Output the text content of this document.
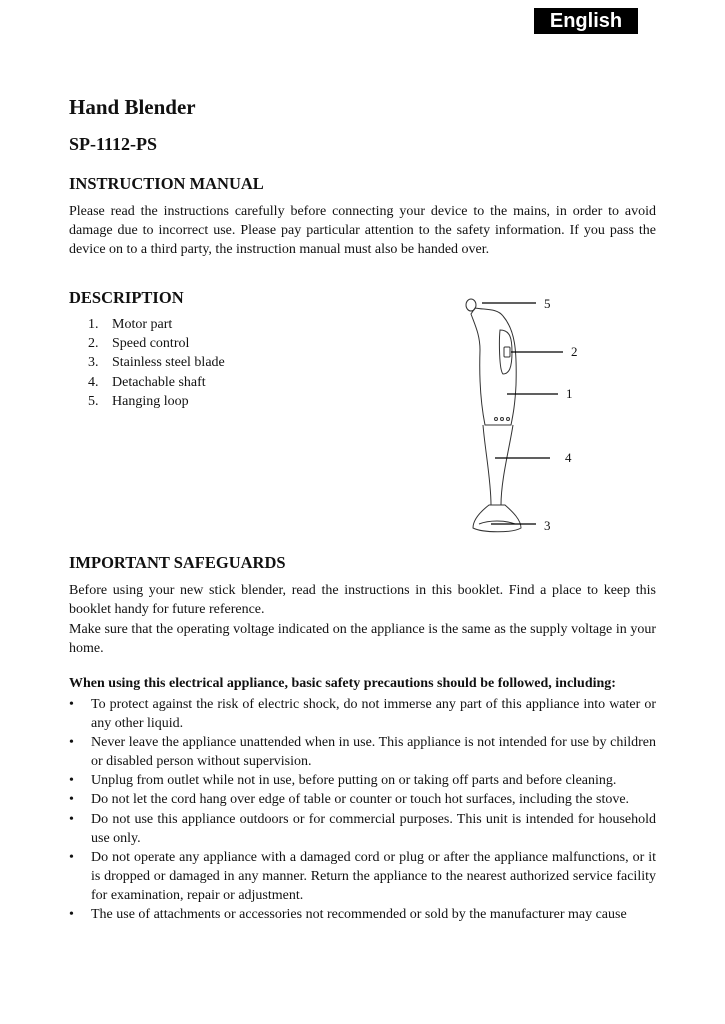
English
Hand Blender
SP-1112-PS
INSTRUCTION MANUAL

Please read the instructions carefully before connecting your device to the mains, in order to avoid damage due to incorrect use. Please pay particular attention to the safety information. If you pass the device on to a third party, the instruction manual must also be handed over.

DESCRIPTION
1. Motor part
2. Speed control
3. Stainless steel blade
4. Detachable shaft
5. Hanging loop
5
2
1
4
3
IMPORTANT SAFEGUARDS

Before using your new stick blender, read the instructions in this booklet. Find a place to keep this booklet handy for future reference.

Make sure that the operating voltage indicated on the appliance is the same as the supply voltage in your home.

When using this electrical appliance, basic safety precautions should be followed, including:

• To protect against the risk of electric shock, do not immerse any part of this appliance into water or any other liquid.
• Never leave the appliance unattended when in use. This appliance is not intended for use by children or disabled person without supervision.
• Unplug from outlet while not in use, before putting on or taking off parts and before cleaning.
• Do not let the cord hang over edge of table or counter or touch hot surfaces, including the stove.
• Do not use this appliance outdoors or for commercial purposes. This unit is intended for household use only.
• Do not operate any appliance with a damaged cord or plug or after the appliance malfunctions, or it is dropped or damaged in any manner. Return the appliance to the nearest authorized service facility for examination, repair or adjustment.
• The use of attachments or accessories not recommended or sold by the manufacturer may cause
